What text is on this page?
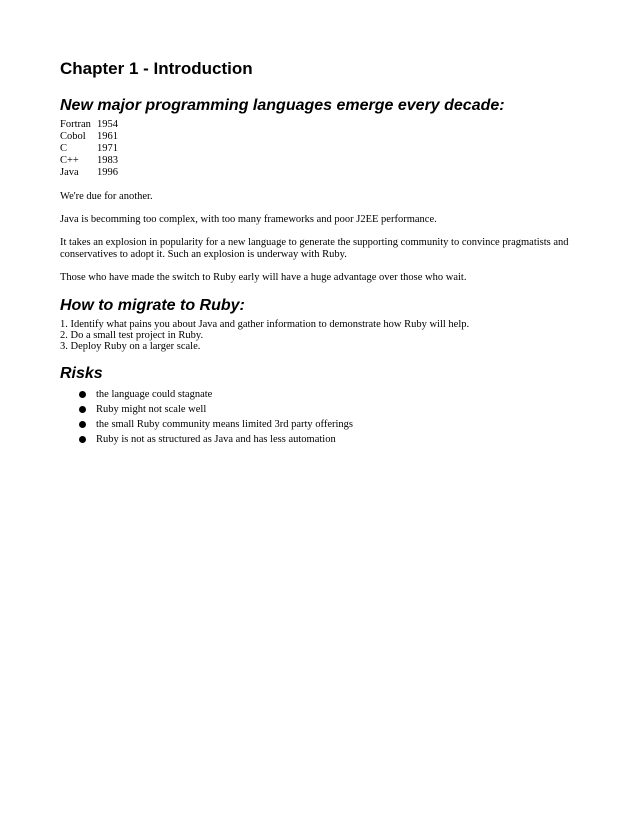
Chapter 1 - Introduction
New major programming languages emerge every decade:
Fortran	1954
Cobol	1961
C	1971
C++	1983
Java	1996

We're due for another.

Java is becomming too complex, with too many frameworks and poor J2EE performance.

It takes an explosion in popularity for a new language to generate the supporting community to convince pragmatists and conservatives to adopt it. Such an explosion is underway with Ruby.

Those who have made the switch to Ruby early will have a huge advantage over those who wait.

How to migrate to Ruby:
1. Identify what pains you about Java and gather information to demonstrate how Ruby will help.
2. Do a small test project in Ruby.
3. Deploy Ruby on a larger scale.
Risks
the language could stagnate
Ruby might not scale well
the small Ruby community means limited 3rd party offerings
Ruby is not as structured as Java and has less automation
